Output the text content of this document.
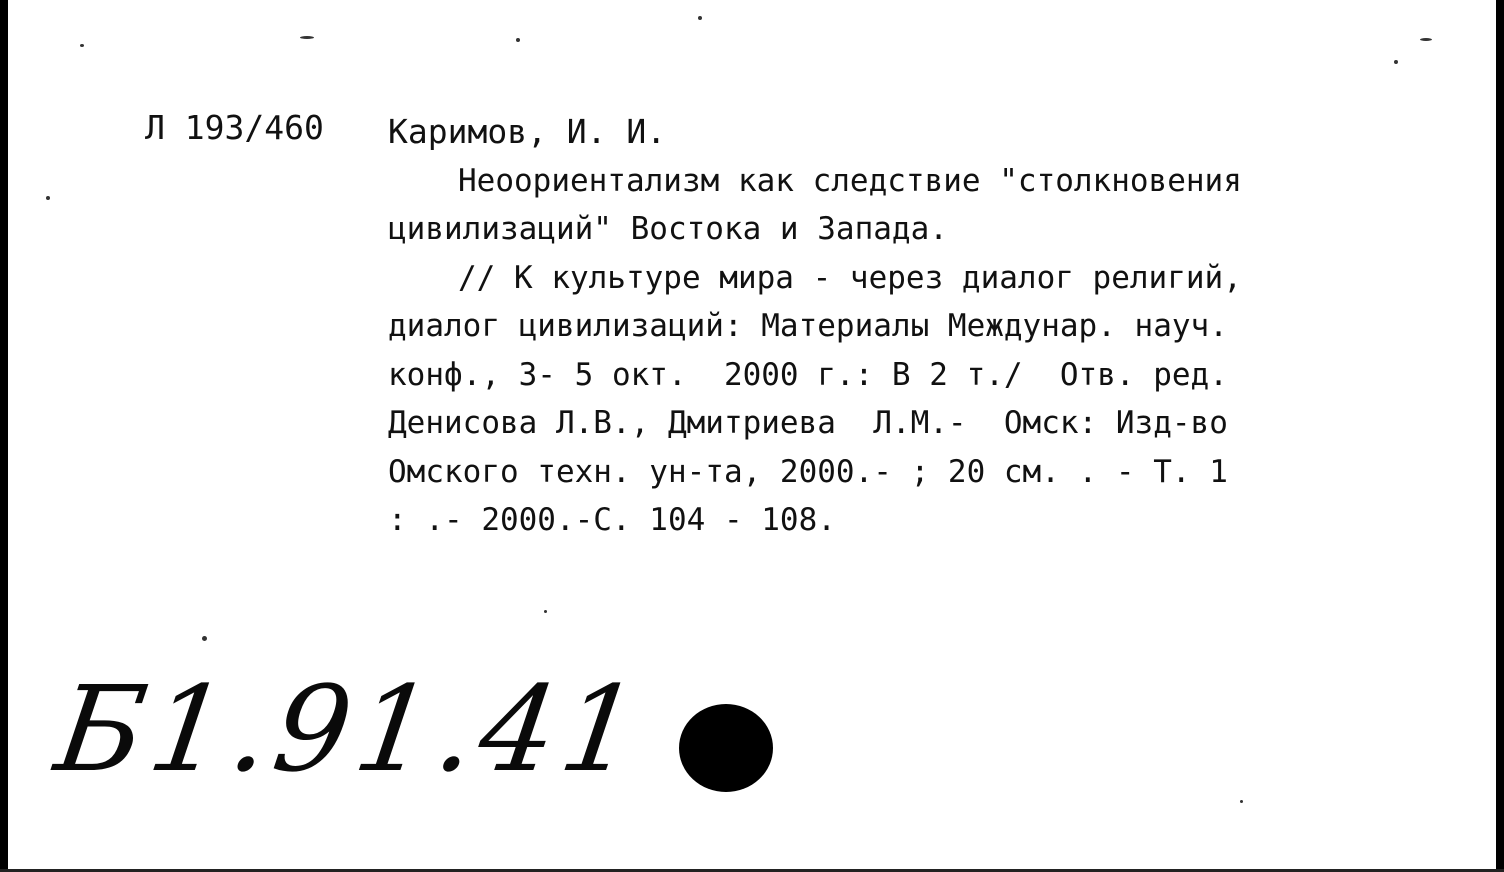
Л 193/460 Каримов, И. И.
Неоориентализм как следствие "столкновения
цивилизаций" Востока и Запада.
// К культуре мира - через диалог религий,
диалог цивилизаций: Материалы Междунар. науч.
конф., 3- 5 окт.  2000 г.: В 2 т./  Отв. ред.
Денисова Л.В., Дмитриева  Л.М.-  Омск: Изд-во
Омского техн. ун-та, 2000.- ; 20 см. . - Т. 1
: .- 2000.-С. 104 - 108.
Б1.91.41
